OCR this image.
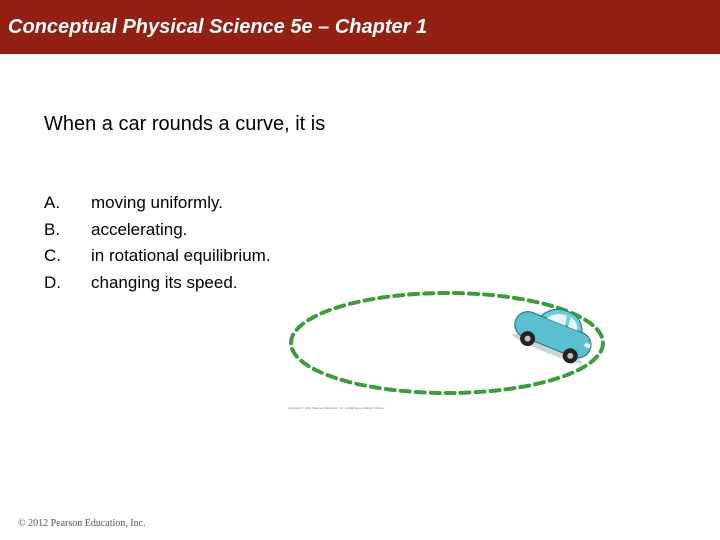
Conceptual Physical Science 5e – Chapter 1
When a car rounds a curve, it is
A.	moving uniformly.
B.	accelerating.
C.	in rotational equilibrium.
D.	changing its speed.
Copyright © 2011 Pearson Education, Inc. publishing as Addison Wesley
© 2012 Pearson Education, Inc.
